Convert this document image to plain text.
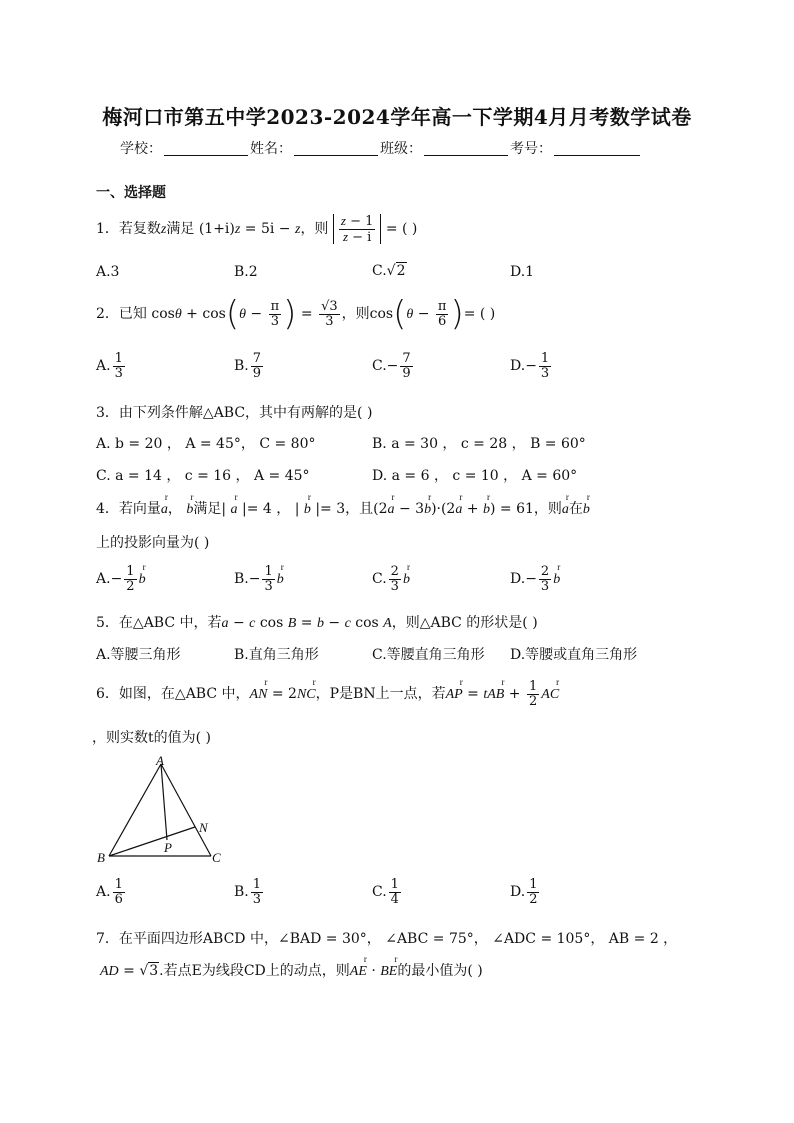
梅河口市第五中学2023-2024学年高一下学期4月月考数学试卷
学校：	姓名：	班级：	考号：
一、选择题
1．若复数z满足 (1+i)z = 5i − z，则 $\frac{z - 1}{z - i}$ = ( )
A.3	B.2	C.√ 2	D.1
2．已知 $\cos\theta + \cos(\theta - \frac{\pi}{3}$ ) = $\frac{√3}{3}$ ，则$\cos(\theta - \frac{\pi}{6}$ )= ( )
A. $\frac{1}{3}$	B. $\frac{7}{9}$	$C.- \frac{7}{9}$	$D.- \frac{1}{3}$
3．由下列条件解△ABC，其中有两解的是( )
A. b = 20 ， A = 45°， C = 80°	B. a = 30 ， c = 28 ， B = 60°
C. a = 14 ， c = 16 ， A = 45°	D. a = 6 ， c = 10 ， A = 60°
4．若向量r a， r b满足| r a |= 4 ， | r b |= 3，且(2r a − 3r b)·(2r a + r b) = 61，则r a在r b
上的投影向量为( )
$A.- \frac{1}{2}$ r b	$B.- \frac{1}{3}$ r b	C. $\frac{2}{3}$ r b	$D.- \frac{2}{3}$ r b
5．在△ABC 中，若a − c cos B = b − c cos A，则△ABC 的形状是( )
A.等腰三角形	B.直角三角形	C.等腰直角三角形 D.等腰或直角三角形
6．如图，在△ABC 中，r AN = 2r NC，P是BN上一点，若r AP = tr AB + $\frac{1}{2}$ r AC
，则实数t的值为( )
A
B	C
N
P
A. $\frac{1}{6}$	B. $\frac{1}{3}$	C. $\frac{1}{4}$	D. $\frac{1}{2}$
7．在平面四边形ABCD 中，∠BAD = 30°， ∠ABC = 75°， ∠ADC = 105°， AB = 2 ，
AD = √ 3 .若点E为线段CD上的动点，则r AE · r BE的最小值为( )
